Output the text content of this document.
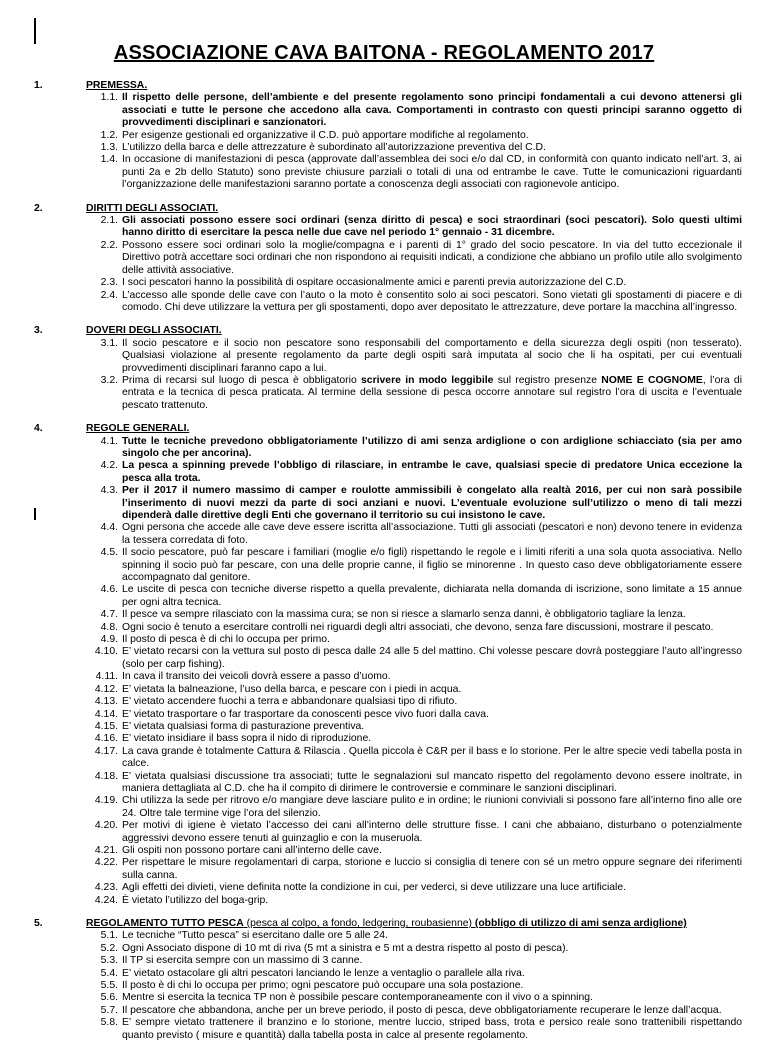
ASSOCIAZIONE CAVA BAITONA - REGOLAMENTO 2017
1.	PREMESSA.
1.1. Il rispetto delle persone, dell’ambiente e del presente regolamento sono principi fondamentali a cui devono attenersi gli associati e tutte le persone che accedono alla cava. Comportamenti in contrasto con questi principi saranno oggetto di provvedimenti disciplinari e sanzionatori.
1.2. Per esigenze gestionali ed organizzative il C.D. può apportare modifiche al regolamento.
1.3. L’utilizzo della barca e delle attrezzature è subordinato all’autorizzazione preventiva del C.D.
1.4. In occasione di manifestazioni di pesca (approvate dall’assemblea dei soci e/o dal CD, in conformità con quanto indicato nell’art. 3, ai punti 2a e 2b dello Statuto) sono previste chiusure parziali o totali di una od entrambe le cave. Tutte le comunicazioni riguardanti l’organizzazione delle manifestazioni saranno portate a conoscenza degli associati con ragionevole anticipo.
2.	DIRITTI DEGLI ASSOCIATI.
2.1. Gli associati possono essere soci ordinari (senza diritto di pesca) e soci straordinari (soci pescatori). Solo questi ultimi hanno diritto di esercitare la pesca nelle due cave nel periodo 1° gennaio - 31 dicembre.
2.2. Possono essere soci ordinari solo la moglie/compagna e i parenti di 1° grado del socio pescatore. In via del tutto eccezionale il Direttivo potrà accettare soci ordinari che non rispondono ai requisiti indicati, a condizione che abbiano un profilo utile allo svolgimento delle attività associative.
2.3. I soci pescatori hanno la possibilità di ospitare occasionalmente amici e parenti previa autorizzazione del C.D.
2.4. L’accesso alle sponde delle cave con l’auto o la moto è consentito solo ai soci pescatori. Sono vietati gli spostamenti di piacere e di comodo. Chi deve utilizzare la vettura per gli spostamenti, dopo aver depositato le attrezzature, deve portare la macchina all’ingresso.
3.	DOVERI DEGLI ASSOCIATI.
3.1. Il socio pescatore e il socio non pescatore sono responsabili del comportamento e della sicurezza degli ospiti (non tesserato). Qualsiasi violazione al presente regolamento da parte degli ospiti sarà imputata al socio che li ha ospitati, per cui eventuali provvedimenti disciplinari faranno capo a lui.
3.2. Prima di recarsi sul luogo di pesca è obbligatorio scrivere in modo leggibile sul registro presenze NOME E COGNOME, l’ora di entrata e la tecnica di pesca praticata. Al termine della sessione di pesca occorre annotare sul registro l’ora di uscita e l’eventuale pescato trattenuto.
4.	REGOLE GENERALI.
4.1. Tutte le tecniche prevedono obbligatoriamente l’utilizzo di ami senza ardiglione o con ardiglione schiacciato (sia per amo singolo che per ancorina).
4.2. La pesca a spinning prevede l’obbligo di rilasciare, in entrambe le cave, qualsiasi specie di predatore Unica eccezione la pesca alla trota.
4.3. Per il 2017 il numero massimo di camper e roulotte ammissibili è congelato alla realtà 2016, per cui non sarà possibile l’inserimento di nuovi mezzi da parte di soci anziani e nuovi. L’eventuale evoluzione sull’utilizzo o meno di tali mezzi dipenderà dalle direttive degli Enti che governano il territorio su cui insistono le cave.
4.4. Ogni persona che accede alle cave deve essere iscritta all’associazione. Tutti gli associati (pescatori e non) devono tenere in evidenza la tessera corredata di foto.
4.5. Il socio pescatore, può far pescare i familiari (moglie e/o figli) rispettando le regole e i limiti riferiti a una sola quota associativa. Nello spinning il socio può far pescare, con una delle proprie canne, il figlio se minorenne . In questo caso deve obbligatoriamente essere accompagnato dal genitore.
4.6. Le uscite di pesca con tecniche diverse rispetto a quella prevalente, dichiarata nella domanda di iscrizione, sono limitate a 15 annue per ogni altra tecnica.
4.7. Il pesce va sempre rilasciato con la massima cura; se non si riesce a slamarlo senza danni, è obbligatorio tagliare la lenza.
4.8. Ogni socio è tenuto a esercitare controlli nei riguardi degli altri associati, che devono, senza fare discussioni, mostrare il pescato.
4.9. Il posto di pesca è di chi lo occupa per primo.
4.10. E’ vietato recarsi con la vettura sul posto di pesca dalle 24 alle 5 del mattino. Chi volesse pescare dovrà posteggiare l’auto all’ingresso (solo per carp fishing).
4.11. In cava il transito dei veicoli dovrà essere a passo d’uomo.
4.12. E’ vietata la balneazione, l’uso della barca, e pescare con i piedi in acqua.
4.13. E’ vietato accendere fuochi a terra e abbandonare qualsiasi tipo di rifiuto.
4.14. E’ vietato trasportare o far trasportare da conoscenti pesce vivo fuori dalla cava.
4.15. E’ vietata qualsiasi forma di pasturazione preventiva.
4.16. E’ vietato insidiare il bass sopra il nido di riproduzione.
4.17. La cava grande è totalmente Cattura & Rilascia . Quella piccola è C&R per il bass e lo storione. Per le altre specie vedi tabella posta in calce.
4.18. E’ vietata qualsiasi discussione tra associati; tutte le segnalazioni sul mancato rispetto del regolamento devono essere inoltrate, in maniera dettagliata al C.D. che ha il compito di dirimere le controversie e comminare le sanzioni disciplinari.
4.19. Chi utilizza la sede per ritrovo e/o mangiare deve lasciare pulito e in ordine; le riunioni conviviali si possono fare all’interno fino alle ore 24. Oltre tale termine vige l’ora del silenzio.
4.20. Per motivi di igiene è vietato l’accesso dei cani all’interno delle strutture fisse. I cani che abbaiano, disturbano o potenzialmente aggressivi devono essere tenuti al guinzaglio e con la museruola.
4.21. Gli ospiti non possono portare cani all’interno delle cave.
4.22. Per rispettare le misure regolamentari di carpa, storione e luccio si consiglia di tenere con sé un metro oppure segnare dei riferimenti sulla canna.
4.23. Agli effetti dei divieti, viene definita notte la condizione in cui, per vederci, si deve utilizzare una luce artificiale.
4.24. È vietato l’utilizzo del boga-grip.
5.	REGOLAMENTO TUTTO PESCA (pesca al colpo, a fondo, ledgering, roubasienne) (obbligo di utilizzo di ami senza ardiglione)
5.1. Le tecniche “Tutto pesca” si esercitano dalle ore 5 alle 24.
5.2. Ogni Associato dispone di 10 mt di riva (5 mt a sinistra e 5 mt a destra rispetto al posto di pesca).
5.3. Il TP si esercita sempre con un massimo di 3 canne.
5.4. E’ vietato ostacolare gli altri pescatori lanciando le lenze a ventaglio o parallele alla riva.
5.5. Il posto è di chi lo occupa per primo; ogni pescatore può occupare una sola postazione.
5.6. Mentre si esercita la tecnica TP non è possibile pescare contemporaneamente con il vivo o a spinning.
5.7. Il pescatore che abbandona, anche per un breve periodo, il posto di pesca, deve obbligatoriamente recuperare le lenze dall’acqua.
5.8. E’ sempre vietato trattenere il branzino e lo storione, mentre luccio, striped bass, trota e persico reale sono trattenibili rispettando quanto previsto ( misure e quantità) dalla tabella posta in calce al presente regolamento.
